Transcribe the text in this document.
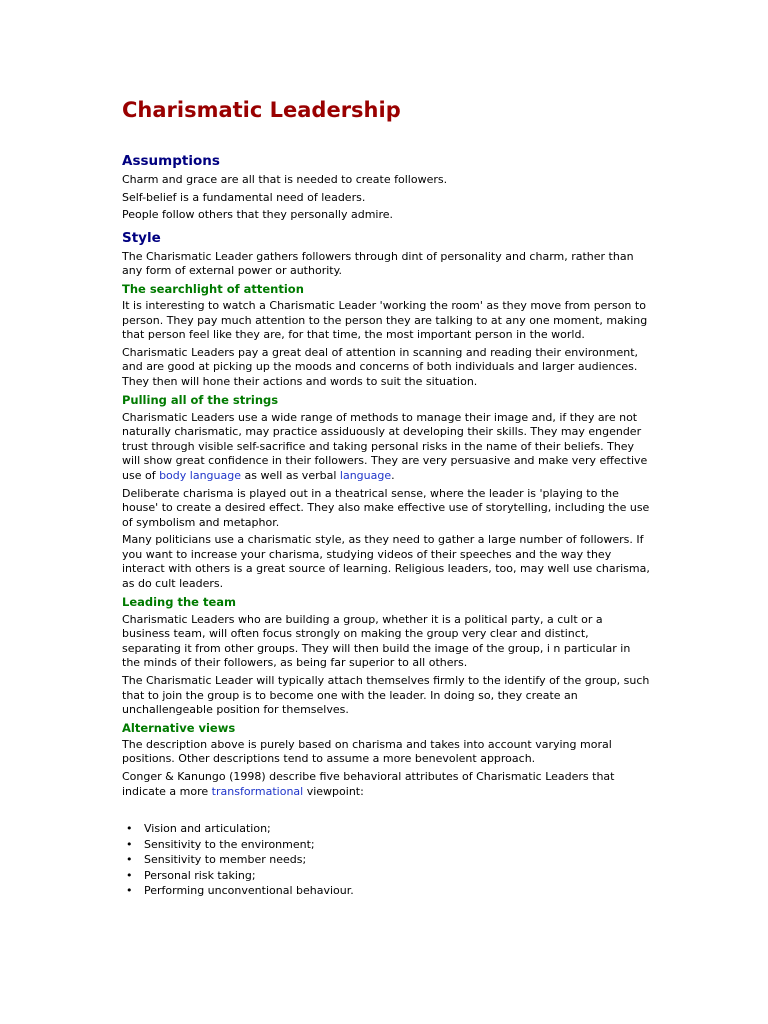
Charismatic Leadership
Assumptions

Charm and grace are all that is needed to create followers.

Self-belief is a fundamental need of leaders.

People follow others that they personally admire.

Style

The Charismatic Leader gathers followers through dint of personality and charm, rather than any form of external power or authority.

The searchlight of attention

It is interesting to watch a Charismatic Leader 'working the room' as they move from person to person. They pay much attention to the person they are talking to at any one moment, making that person feel like they are, for that time, the most important person in the world.

Charismatic Leaders pay a great deal of attention in scanning and reading their environment, and are good at picking up the moods and concerns of both individuals and larger audiences. They then will hone their actions and words to suit the situation.

Pulling all of the strings

Charismatic Leaders use a wide range of methods to manage their image and, if they are not naturally charismatic, may practice assiduously at developing their skills. They may engender trust through visible self-sacrifice and taking personal risks in the name of their beliefs. They will show great confidence in their followers. They are very persuasive and make very effective use of body language as well as verbal language.

Deliberate charisma is played out in a theatrical sense, where the leader is 'playing to the house' to create a desired effect. They also make effective use of storytelling, including the use of symbolism and metaphor.

Many politicians use a charismatic style, as they need to gather a large number of followers. If you want to increase your charisma, studying videos of their speeches and the way they interact with others is a great source of learning. Religious leaders, too, may well use charisma, as do cult leaders.

Leading the team

Charismatic Leaders who are building a group, whether it is a political party, a cult or a business team, will often focus strongly on making the group very clear and distinct, separating it from other groups. They will then build the image of the group, i n particular in the minds of their followers, as being far superior to all others.

The Charismatic Leader will typically attach themselves firmly to the identify of the group, such that to join the group is to become one with the leader. In doing so, they create an unchallengeable position for themselves.

Alternative views

The description above is purely based on charisma and takes into account varying moral positions. Other descriptions tend to assume a more benevolent approach.

Conger & Kanungo (1998) describe five behavioral attributes of Charismatic Leaders that indicate a more transformational viewpoint:

• Vision and articulation;
• Sensitivity to the environment;
• Sensitivity to member needs;
• Personal risk taking;
• Performing unconventional behaviour.
